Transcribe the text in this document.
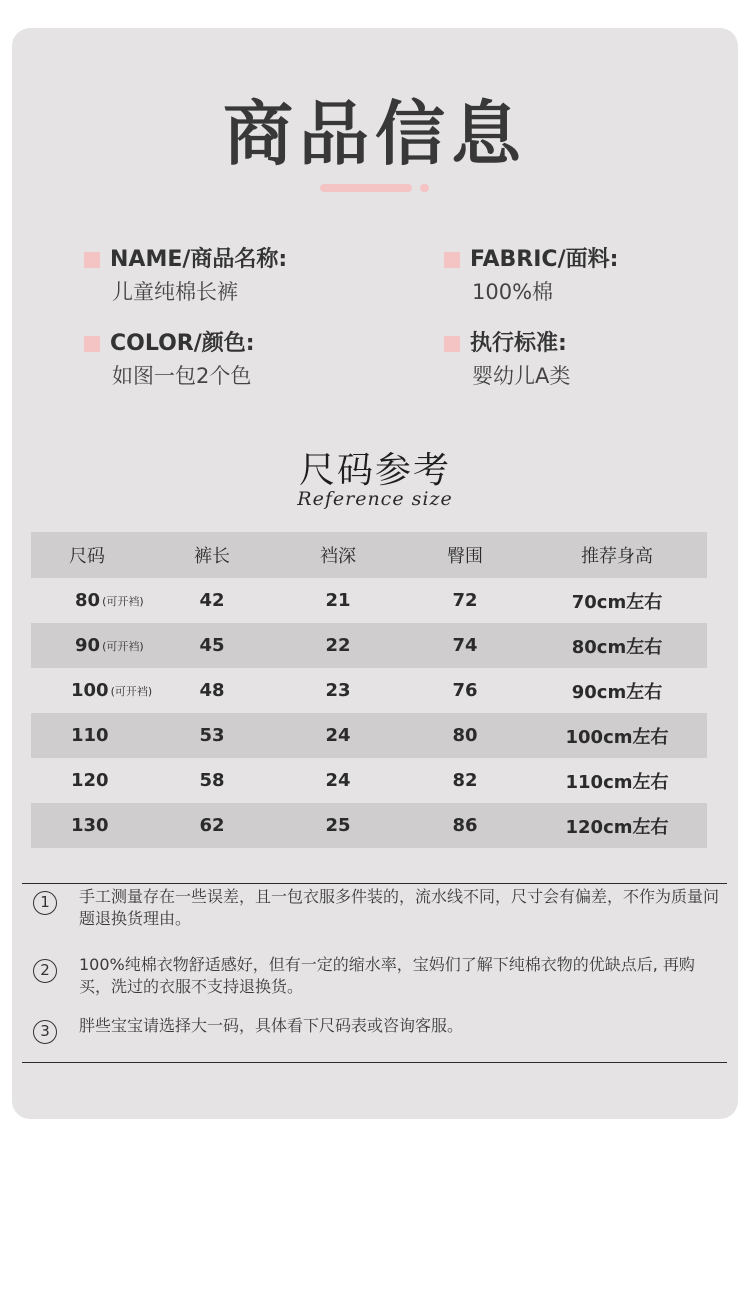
商品信息
NAME/商品名称:
儿童纯棉长裤
FABRIC/面料:
100%棉
COLOR/颜色:
如图一包2个色
执行标准:
婴幼儿A类
尺码参考
Reference size
尺码	裤长	裆深	臀围	推荐身高
80 (可开裆)	42	21	72	70cm左右
90 (可开裆)	45	22	74	80cm左右
100 (可开裆)	48	23	76	90cm左右
110	53	24	80	100cm左右
120	58	24	82	110cm左右
130	62	25	86	120cm左右
1	手工测量存在一些误差，且一包衣服多件装的，流水线不同，尺寸会有偏差，不作为质量问题退换货理由。
2	100%纯棉衣物舒适感好，但有一定的缩水率，宝妈们了解下纯棉衣物的优缺点后, 再购买，洗过的衣服不支持退换货。
3	胖些宝宝请选择大一码，具体看下尺码表或咨询客服。
